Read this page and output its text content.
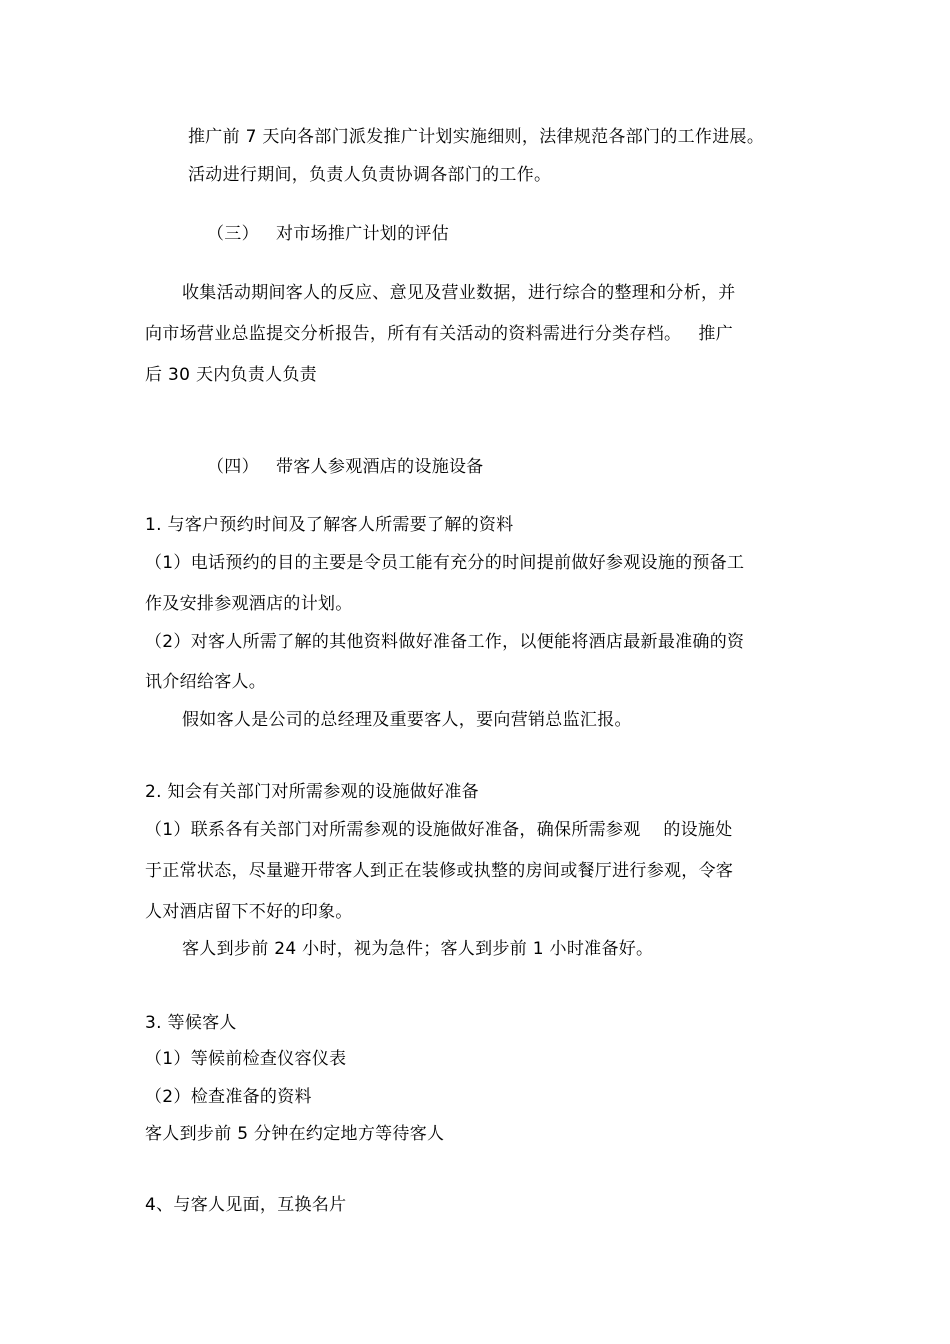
推广前 7 天向各部门派发推广计划实施细则，法律规范各部门的工作进展。
活动进行期间，负责人负责协调各部门的工作。
（三）   对市场推广计划的评估
收集活动期间客人的反应、意见及营业数据，进行综合的整理和分析，并
向市场营业总监提交分析报告，所有有关活动的资料需进行分类存档。   推广
后 30 天内负责人负责
（四）   带客人参观酒店的设施设备
1. 与客户预约时间及了解客人所需要了解的资料
（1）电话预约的目的主要是令员工能有充分的时间提前做好参观设施的预备工
作及安排参观酒店的计划。
（2）对客人所需了解的其他资料做好准备工作，以便能将酒店最新最准确的资
讯介绍给客人。
假如客人是公司的总经理及重要客人，要向营销总监汇报。
2. 知会有关部门对所需参观的设施做好准备
（1）联系各有关部门对所需参观的设施做好准备，确保所需参观    的设施处
于正常状态，尽量避开带客人到正在装修或执整的房间或餐厅进行参观，令客
人对酒店留下不好的印象。
客人到步前 24 小时，视为急件；客人到步前 1 小时准备好。
3. 等候客人
（1）等候前检查仪容仪表
（2）检查准备的资料
客人到步前 5 分钟在约定地方等待客人
4、与客人见面，互换名片
